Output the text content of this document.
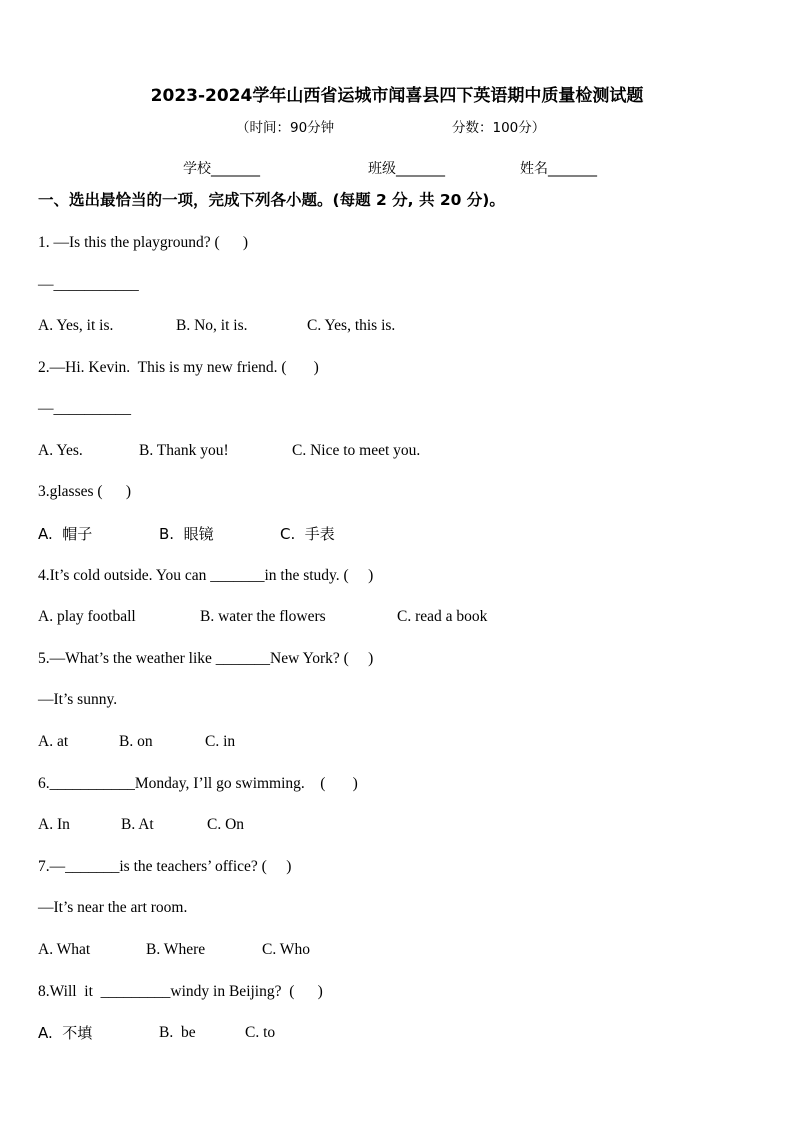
2023-2024学年山西省运城市闻喜县四下英语期中质量检测试题
（时间：90分钟	分数：100分）
学校_______	班级_______	姓名_______
一、选出最恰当的一项，完成下列各小题。(每题 2 分, 共 20 分)。
1. —Is this the playground? (      )
—___________
A. Yes, it is.	B. No, it is.	C. Yes, this is.
2.—Hi. Kevin.  This is my new friend. (       )
—__________
A. Yes.	B. Thank you!	C. Nice to meet you.
3.glasses (      )
A.  帽子	B.  眼镜	C.  手表
4.It’s cold outside. You can _______in the study. (     )
A. play football	B. water the flowers	C. read a book
5.—What’s the weather like _______New York? (     )
—It’s sunny.
A. at	B. on	C. in
6.___________Monday, I’ll go swimming.    (       )
A. In	B. At	C. On
7.—_______is the teachers’ office? (     )
—It’s near the art room.
A. What	B. Where	C. Who
8.Will  it  _________windy in Beijing?  (      )
A.  不填	B.  be	C. to
